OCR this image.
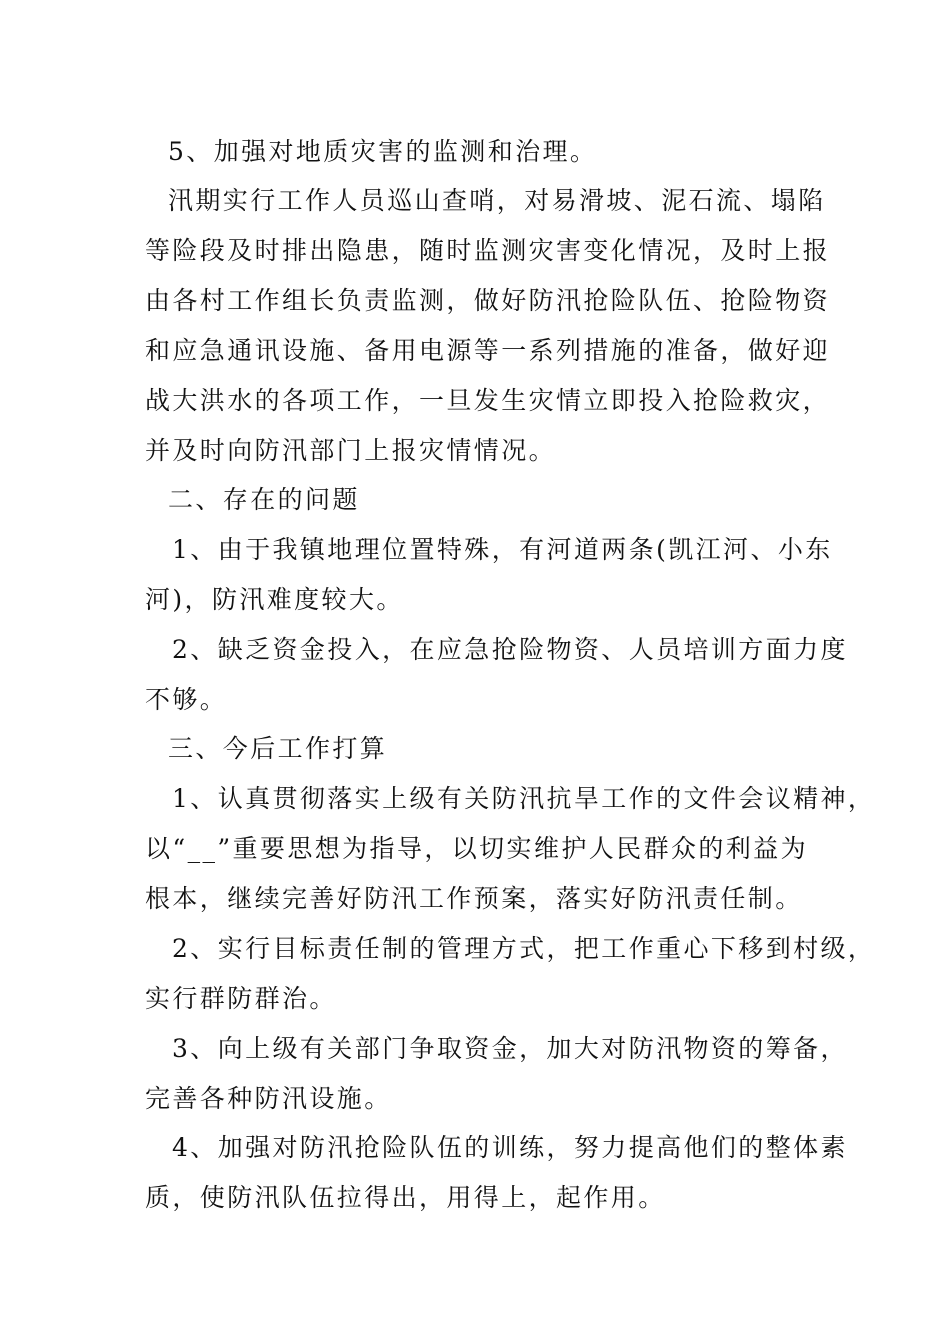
5、加强对地质灾害的监测和治理。
汛期实行工作人员巡山查哨，对易滑坡、泥石流、塌陷
等险段及时排出隐患，随时监测灾害变化情况，及时上报
由各村工作组长负责监测，做好防汛抢险队伍、抢险物资
和应急通讯设施、备用电源等一系列措施的准备，做好迎
战大洪水的各项工作，一旦发生灾情立即投入抢险救灾，
并及时向防汛部门上报灾情情况。
二、存在的问题
1、由于我镇地理位置特殊，有河道两条(凯江河、小东
河)，防汛难度较大。
2、缺乏资金投入，在应急抢险物资、人员培训方面力度
不够。
三、今后工作打算
1、认真贯彻落实上级有关防汛抗旱工作的文件会议精神，
以“__”重要思想为指导，以切实维护人民群众的利益为
根本，继续完善好防汛工作预案，落实好防汛责任制。
2、实行目标责任制的管理方式，把工作重心下移到村级，
实行群防群治。
3、向上级有关部门争取资金，加大对防汛物资的筹备，
完善各种防汛设施。
4、加强对防汛抢险队伍的训练，努力提高他们的整体素
质，使防汛队伍拉得出，用得上，起作用。
